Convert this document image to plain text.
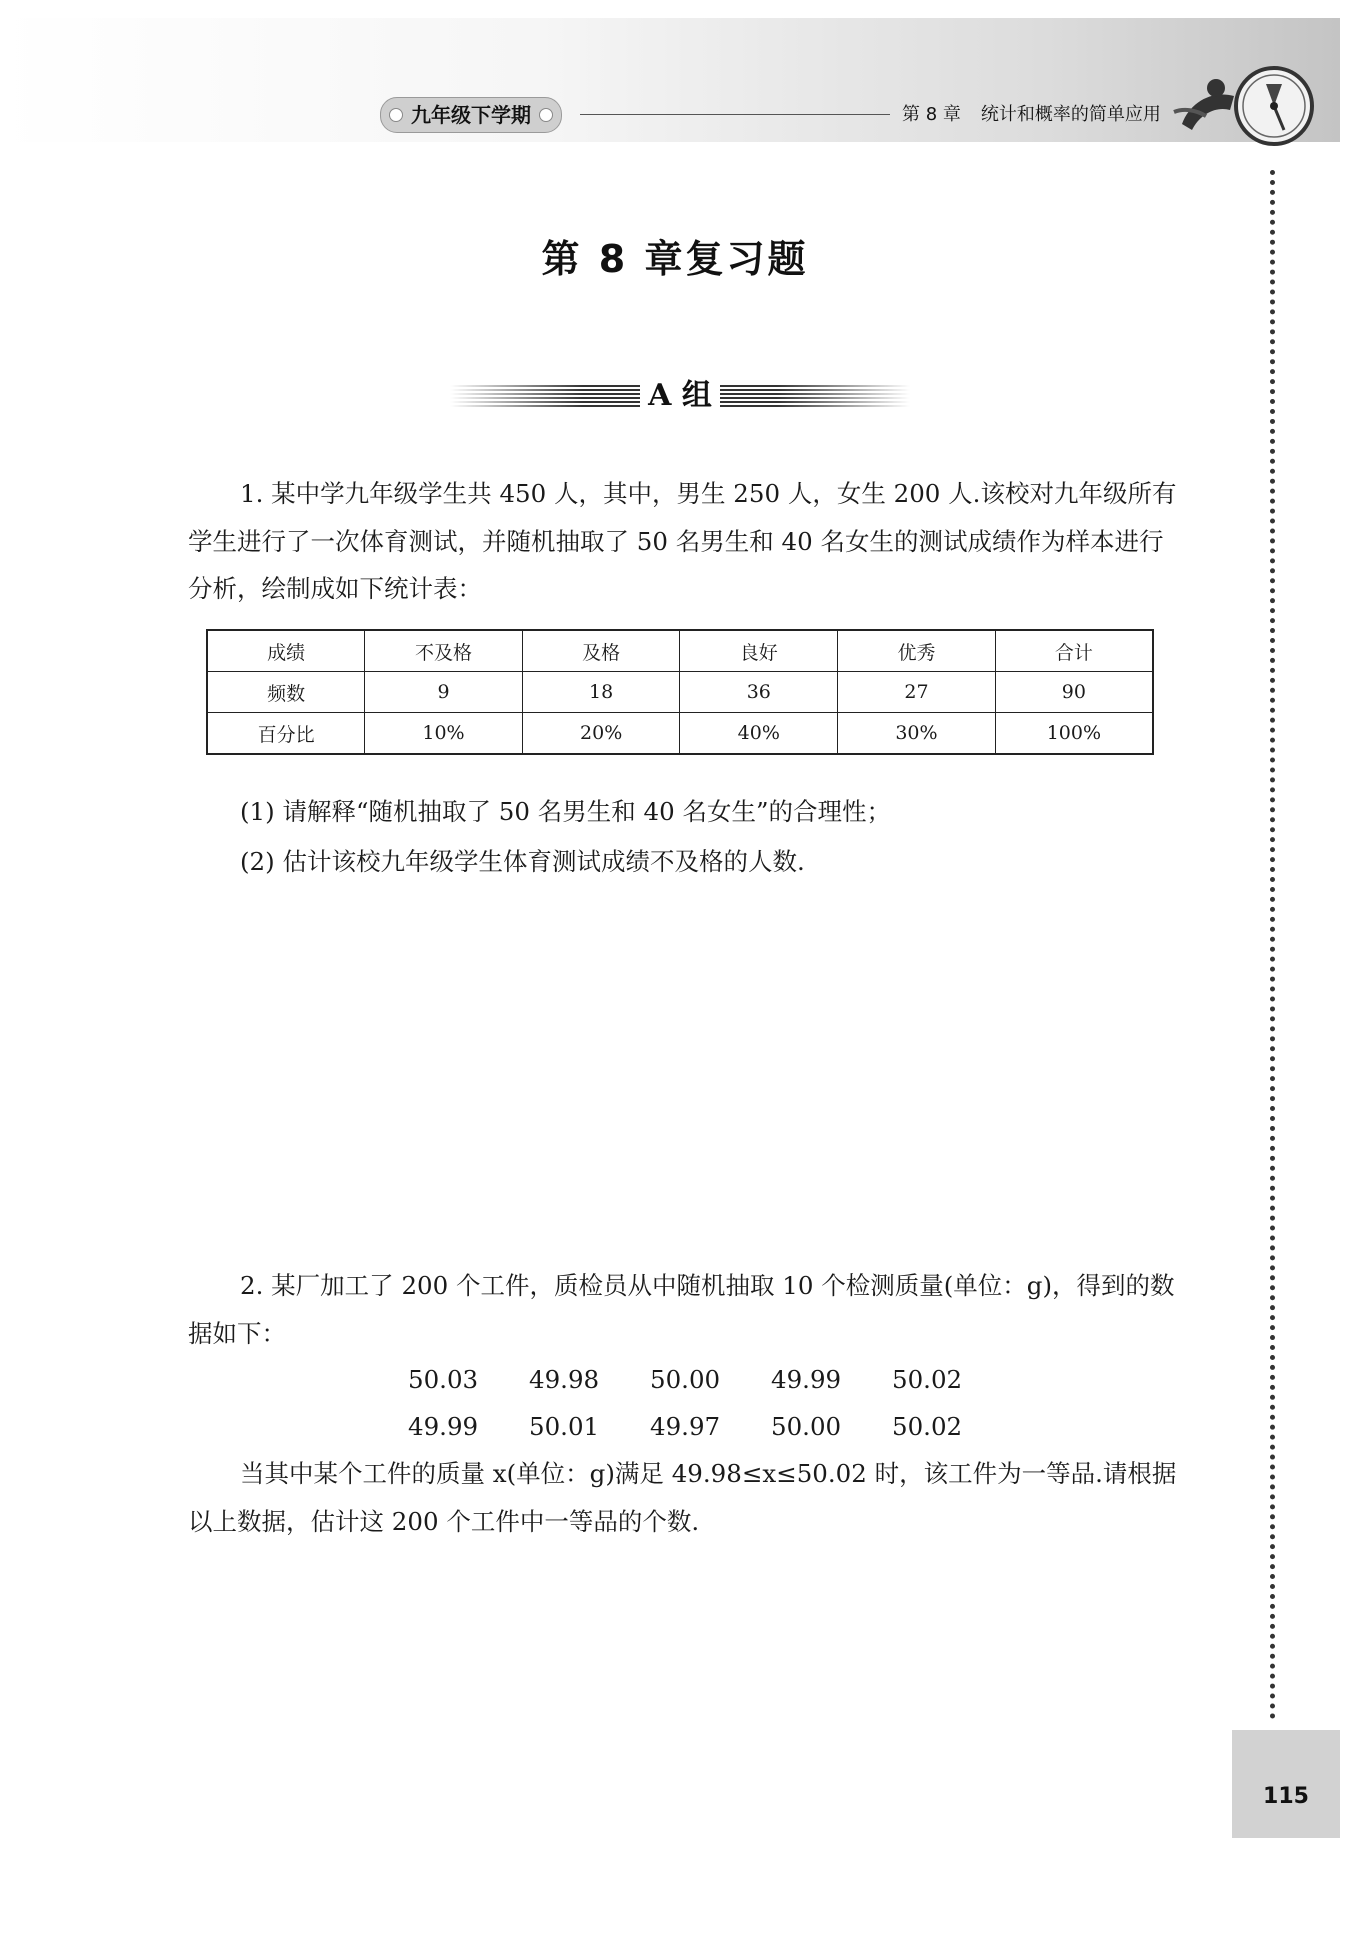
九年级下学期	第 8 章 统计和概率的简单应用
第 8 章复习题
A 组
1. 某中学九年级学生共 450 人，其中，男生 250 人，女生 200 人.该校对九年级所有学生进行了一次体育测试，并随机抽取了 50 名男生和 40 名女生的测试成绩作为样本进行分析，绘制成如下统计表：
成绩	不及格	及格	良好	优秀	合计
频数	9	18	36	27	90
百分比	10%	20%	40%	30%	100%
(1) 请解释“随机抽取了 50 名男生和 40 名女生”的合理性；
(2) 估计该校九年级学生体育测试成绩不及格的人数.
2. 某厂加工了 200 个工件，质检员从中随机抽取 10 个检测质量(单位：g)，得到的数据如下：
50.03 49.98 50.00 49.99 50.02
49.99 50.01 49.97 50.00 50.02
当其中某个工件的质量 x(单位：g)满足 49.98≤x≤50.02 时，该工件为一等品.请根据以上数据，估计这 200 个工件中一等品的个数.
115
